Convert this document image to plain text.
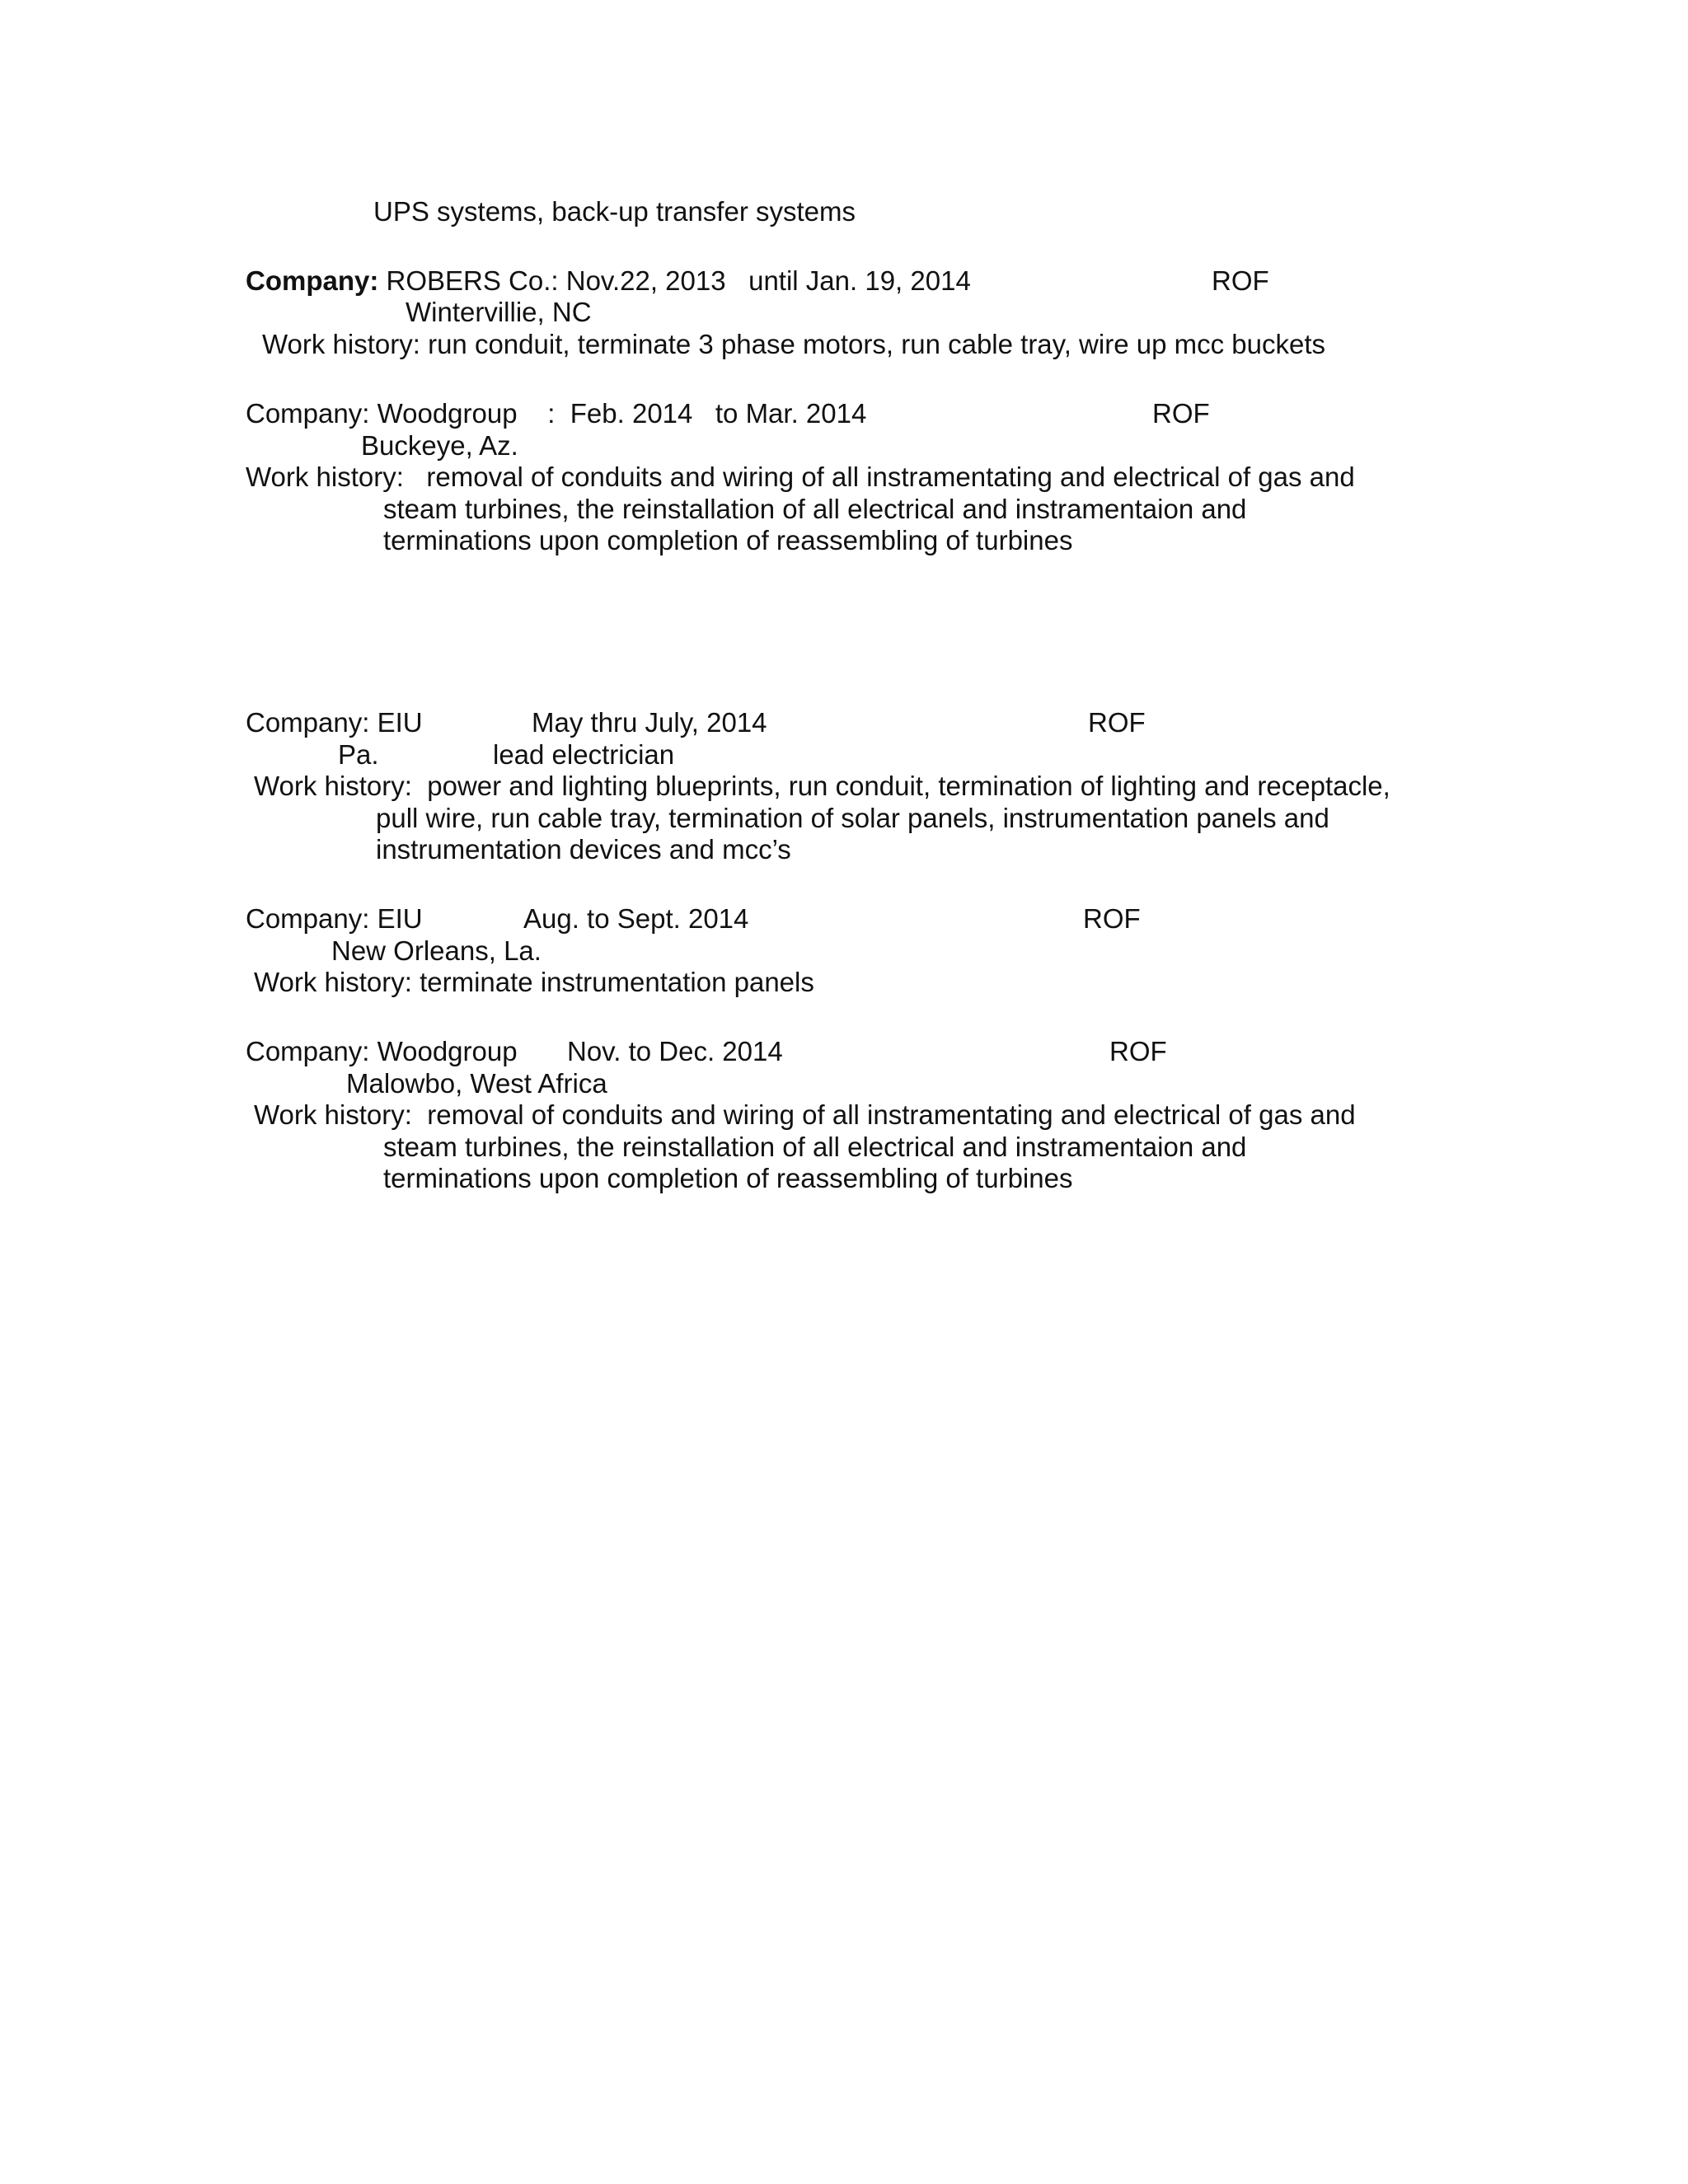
UPS systems, back-up transfer systems

Company: ROBERS Co.: Nov.22, 2013   until Jan. 19, 2014	ROF

Wintervillie, NC

Work history: run conduit, terminate 3 phase motors, run cable tray, wire up mcc buckets

Company: Woodgroup    :  Feb. 2014   to Mar. 2014	ROF

Buckeye, Az.

Work history:   removal of conduits and wiring of all instramentating and electrical of gas and

steam turbines, the reinstallation of all electrical and instramentaion and

terminations upon completion of reassembling of turbines

Company: EIU	May thru July, 2014	ROF

Pa.	lead electrician

Work history:  power and lighting blueprints, run conduit, termination of lighting and receptacle,

pull wire, run cable tray, termination of solar panels, instrumentation panels and

instrumentation devices and mcc’s

Company: EIU	Aug. to Sept. 2014	ROF

New Orleans, La.

Work history: terminate instrumentation panels

Company: Woodgroup Nov. to Dec. 2014	ROF

Malowbo, West Africa

Work history:  removal of conduits and wiring of all instramentating and electrical of gas and

steam turbines, the reinstallation of all electrical and instramentaion and

terminations upon completion of reassembling of turbines
